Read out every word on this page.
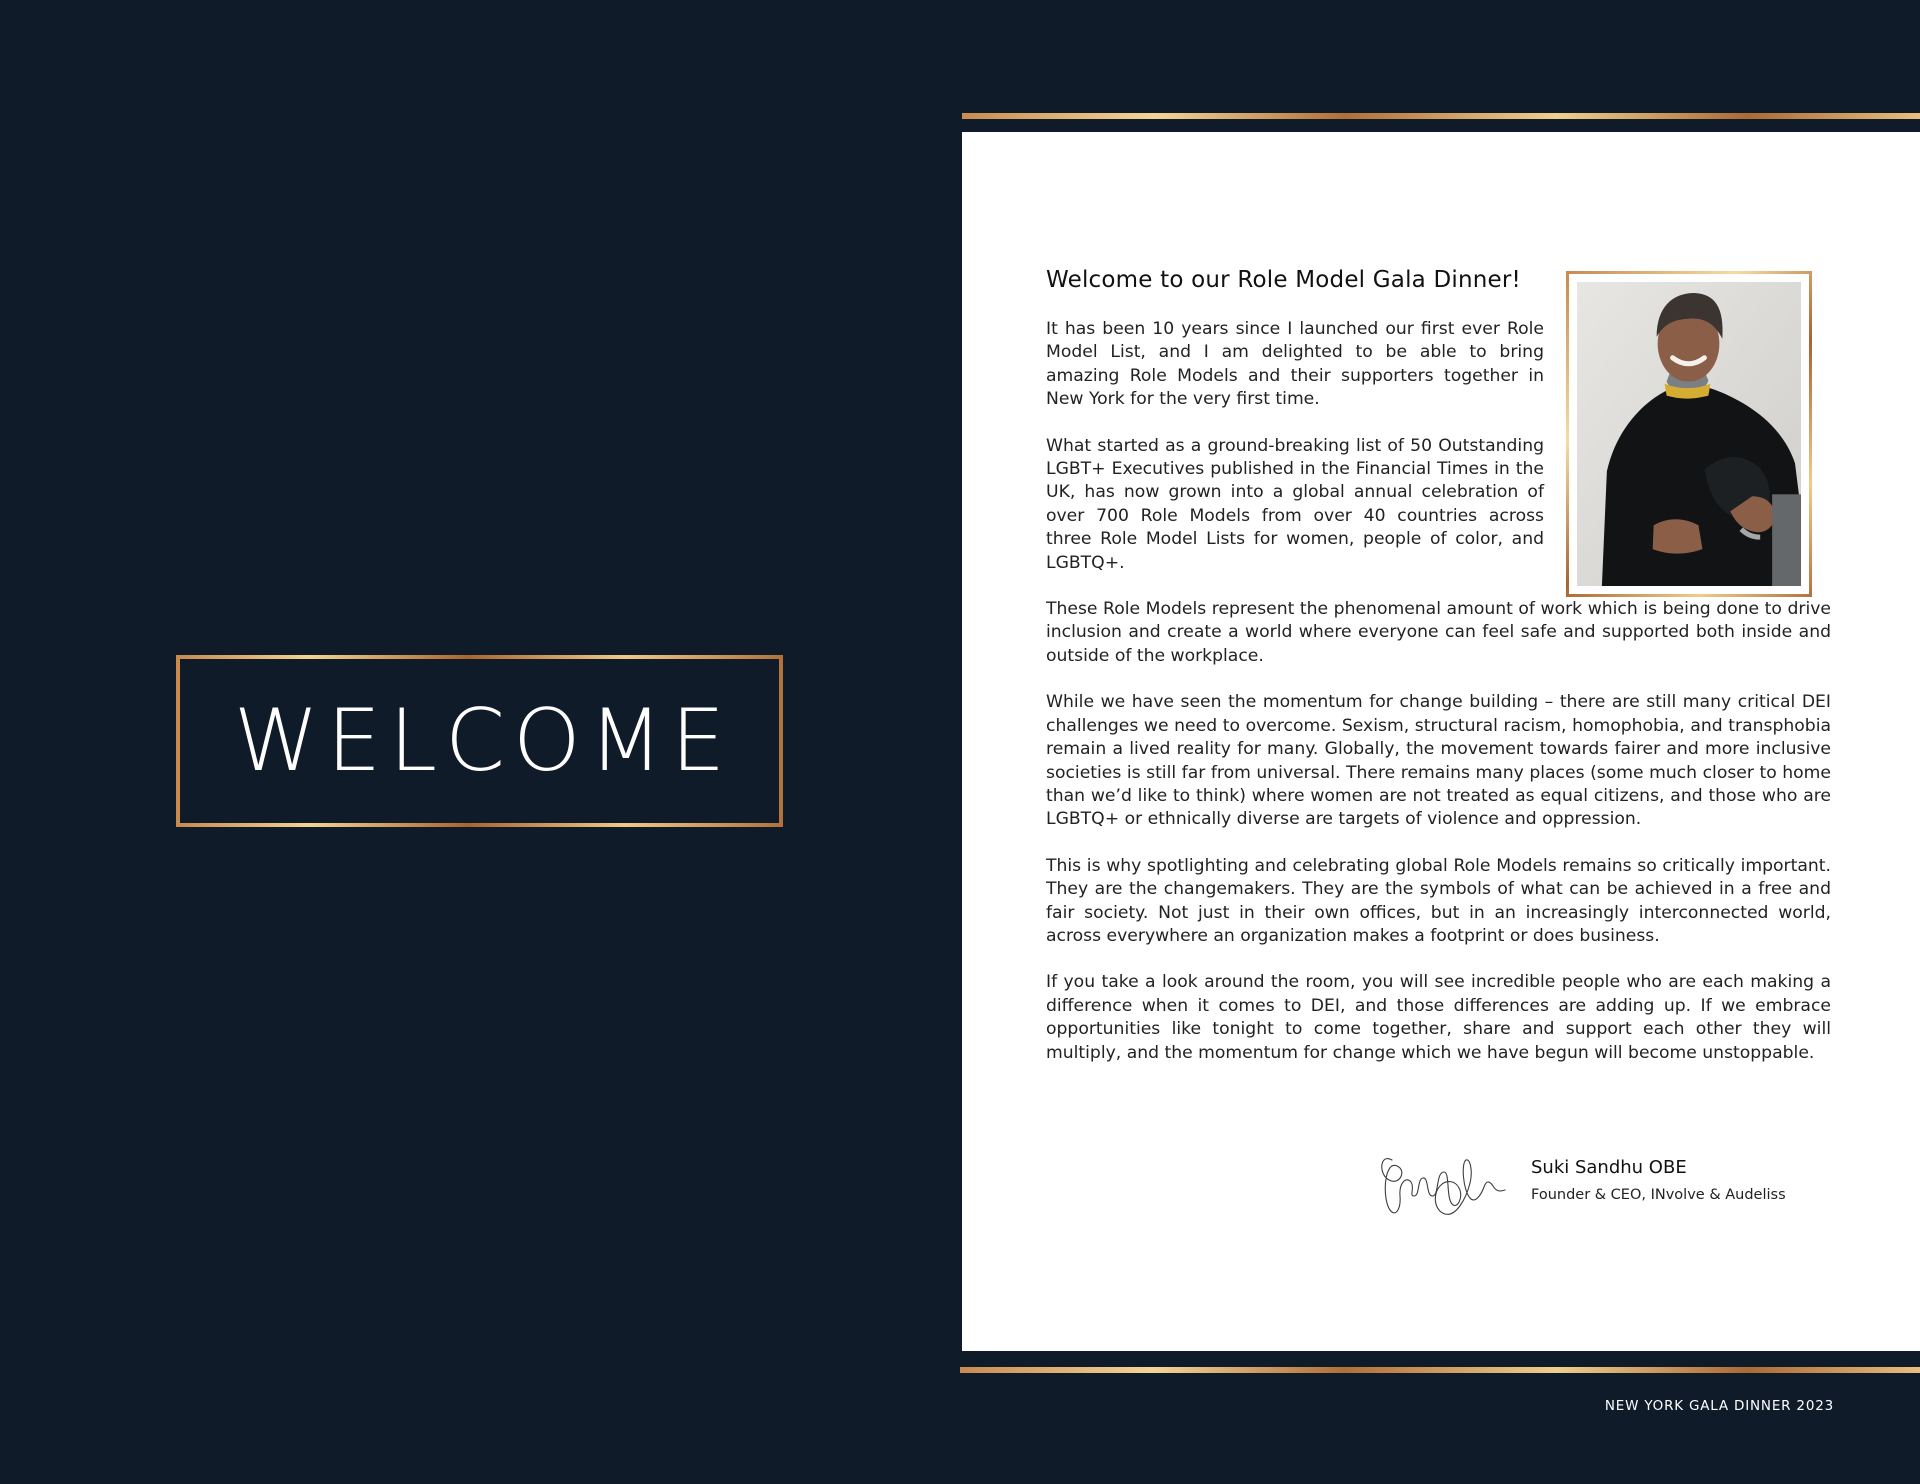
WELCOME
Welcome to our Role Model Gala Dinner!

It has been 10 years since I launched our first ever Role Model List, and I am delighted to be able to bring amazing Role Models and their supporters together in New York for the very first time.

What started as a ground-breaking list of 50 Outstanding LGBT+ Executives published in the Financial Times in the UK, has now grown into a global annual celebration of over 700 Role Models from over 40 countries across three Role Model Lists for women, people of color, and LGBTQ+.

These Role Models represent the phenomenal amount of work which is being done to drive inclusion and create a world where everyone can feel safe and supported both inside and outside of the workplace.

While we have seen the momentum for change building – there are still many critical DEI challenges we need to overcome. Sexism, structural racism, homophobia, and transphobia remain a lived reality for many. Globally, the movement towards fairer and more inclusive societies is still far from universal. There remains many places (some much closer to home than we’d like to think) where women are not treated as equal citizens, and those who are LGBTQ+ or ethnically diverse are targets of violence and oppression.

This is why spotlighting and celebrating global Role Models remains so critically important. They are the changemakers. They are the symbols of what can be achieved in a free and fair society. Not just in their own offices, but in an increasingly interconnected world, across everywhere an organization makes a footprint or does business.

If you take a look around the room, you will see incredible people who are each making a difference when it comes to DEI, and those differences are adding up. If we embrace opportunities like tonight to come together, share and support each other they will multiply, and the momentum for change which we have begun will become unstoppable.

Suki Sandhu OBE

Founder & CEO, INvolve & Audeliss

NEW YORK GALA DINNER 2023
